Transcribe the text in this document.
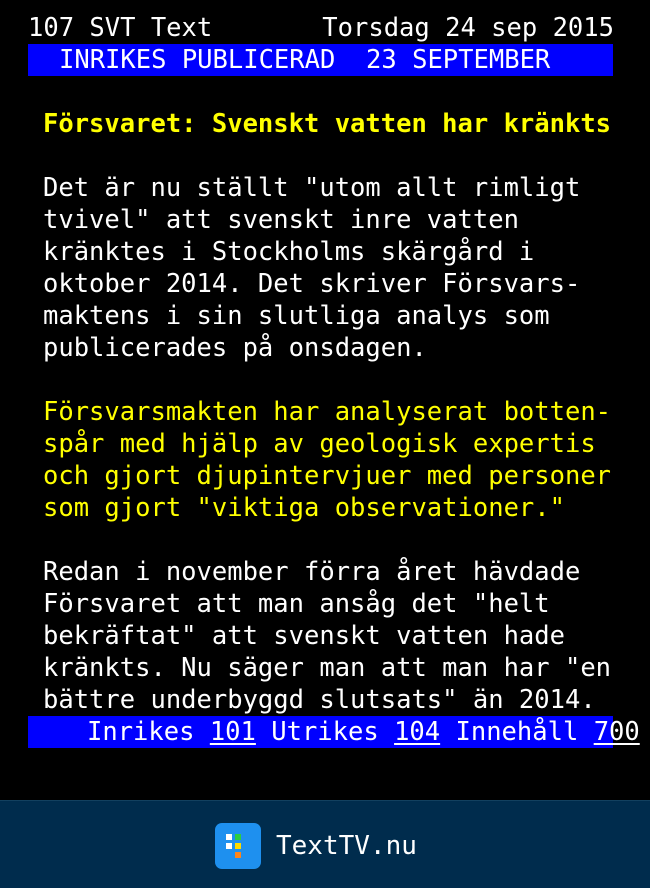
107 SVT Text	Torsdag 24 sep 2015
INRIKES PUBLICERAD  23 SEPTEMBER
Försvaret: Svenskt vatten har kränkts
Det är nu ställt "utom allt rimligt
tvivel" att svenskt inre vatten
kränktes i Stockholms skärgård i
oktober 2014. Det skriver Försvars-
maktens i sin slutliga analys som
publicerades på onsdagen.
Försvarsmakten har analyserat botten-
spår med hjälp av geologisk expertis
och gjort djupintervjuer med personer
som gjort "viktiga observationer."
Redan i november förra året hävdade
Försvaret att man ansåg det "helt
bekräftat" att svenskt vatten hade
kränkts. Nu säger man att man har "en
bättre underbyggd slutsats" än 2014.
Inrikes 101 Utrikes 104 Innehåll 700
TextTV.nu
